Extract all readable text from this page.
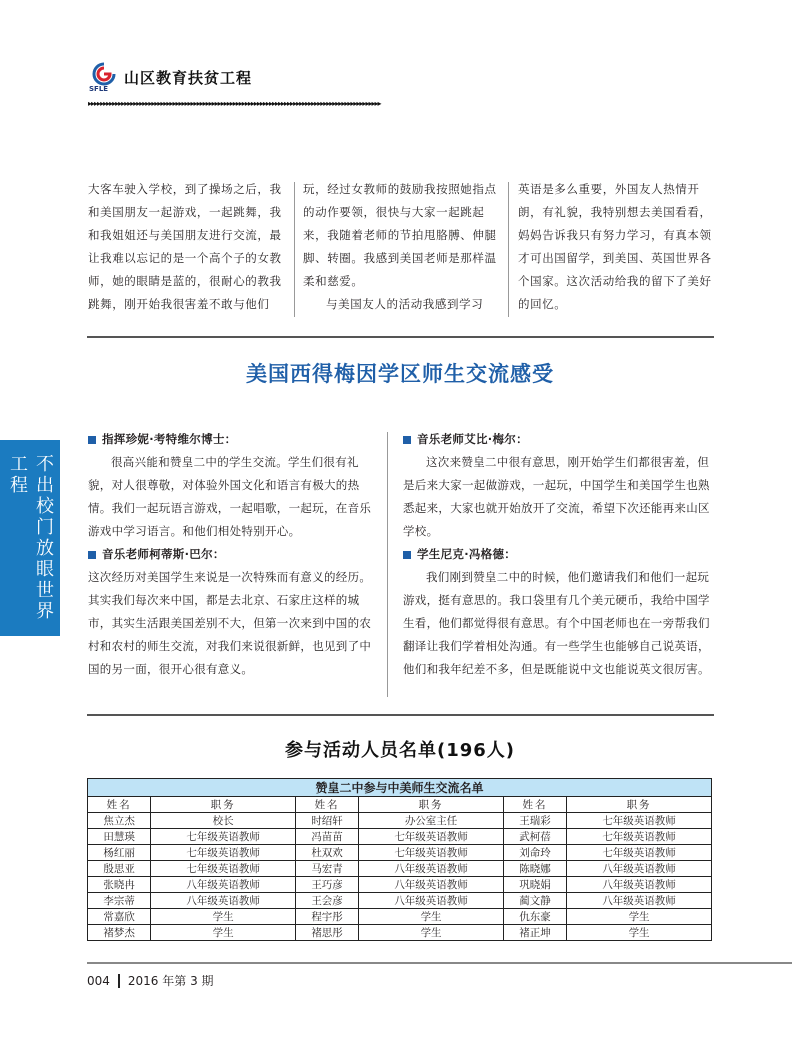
SFLE
山区教育扶贫工程
▸▸▸▸▸▸▸▸▸▸▸▸▸▸▸▸▸▸▸▸▸▸▸▸▸▸▸▸▸▸▸▸▸▸▸▸▸▸▸▸▸▸▸▸▸▸▸▸▸▸▸▸▸▸▸▸▸▸▸▸▸▸▸▸▸▸▸▸▸▸▸▸▸▸▸▸▸▸▸▸▸▸▸▸▸▸▸▸▸▸▸▸▸▸▸▸▸

大客车驶入学校，到了操场之后，我和美国朋友一起游戏，一起跳舞，我和我姐姐还与美国朋友进行交流，最让我难以忘记的是一个高个子的女教师，她的眼睛是蓝的，很耐心的教我跳舞，刚开始我很害羞不敢与他们

玩，经过女教师的鼓励我按照她指点的动作要领，很快与大家一起跳起来，我随着老师的节拍甩胳膊、伸腿脚、转圈。我感到美国老师是那样温柔和慈爱。

与美国友人的活动我感到学习

英语是多么重要，外国友人热情开朗，有礼貌，我特别想去美国看看，妈妈告诉我只有努力学习，有真本领才可出国留学，到美国、英国世界各个国家。这次活动给我的留下了美好的回忆。

美国西得梅因学区师生交流感受
不出校门放眼世界工程
指挥珍妮·考特维尔博士：

很高兴能和赞皇二中的学生交流。学生们很有礼貌，对人很尊敬，对体验外国文化和语言有极大的热情。我们一起玩语言游戏，一起唱歌，一起玩，在音乐游戏中学习语言。和他们相处特别开心。

音乐老师柯蒂斯·巴尔：

这次经历对美国学生来说是一次特殊而有意义的经历。其实我们每次来中国，都是去北京、石家庄这样的城市，其实生活跟美国差别不大，但第一次来到中国的农村和农村的师生交流，对我们来说很新鲜，也见到了中国的另一面，很开心很有意义。

音乐老师艾比·梅尔：

这次来赞皇二中很有意思，刚开始学生们都很害羞，但是后来大家一起做游戏，一起玩，中国学生和美国学生也熟悉起来，大家也就开始放开了交流，希望下次还能再来山区学校。

学生尼克·冯格德：

我们刚到赞皇二中的时候，他们邀请我们和他们一起玩游戏，挺有意思的。我口袋里有几个美元硬币，我给中国学生看，他们都觉得很有意思。有个中国老师也在一旁帮我们翻译让我们学着相处沟通。有一些学生也能够自己说英语，他们和我年纪差不多，但是既能说中文也能说英文很厉害。

参与活动人员名单(196人)
赞皇二中参与中美师生交流名单					
姓名	职务	姓名	职务	姓名	职务
焦立杰	校长	时绍轩	办公室主任	王瑞彩	七年级英语教师
田慧瑛	七年级英语教师	冯苗苗	七年级英语教师	武柯蓓	七年级英语教师
杨红丽	七年级英语教师	杜双欢	七年级英语教师	刘命玲	七年级英语教师
殷思亚	七年级英语教师	马宏青	八年级英语教师	陈晓娜	八年级英语教师
张晓冉	八年级英语教师	王巧彦	八年级英语教师	巩晓娟	八年级英语教师
李宗蒂	八年级英语教师	王会彦	八年级英语教师	蔺文静	八年级英语教师
常嘉欣	学生	程宇彤	学生	仇东豪	学生
褚梦杰	学生	褚思彤	学生	褚正坤	学生
004 2016 年第 3 期
